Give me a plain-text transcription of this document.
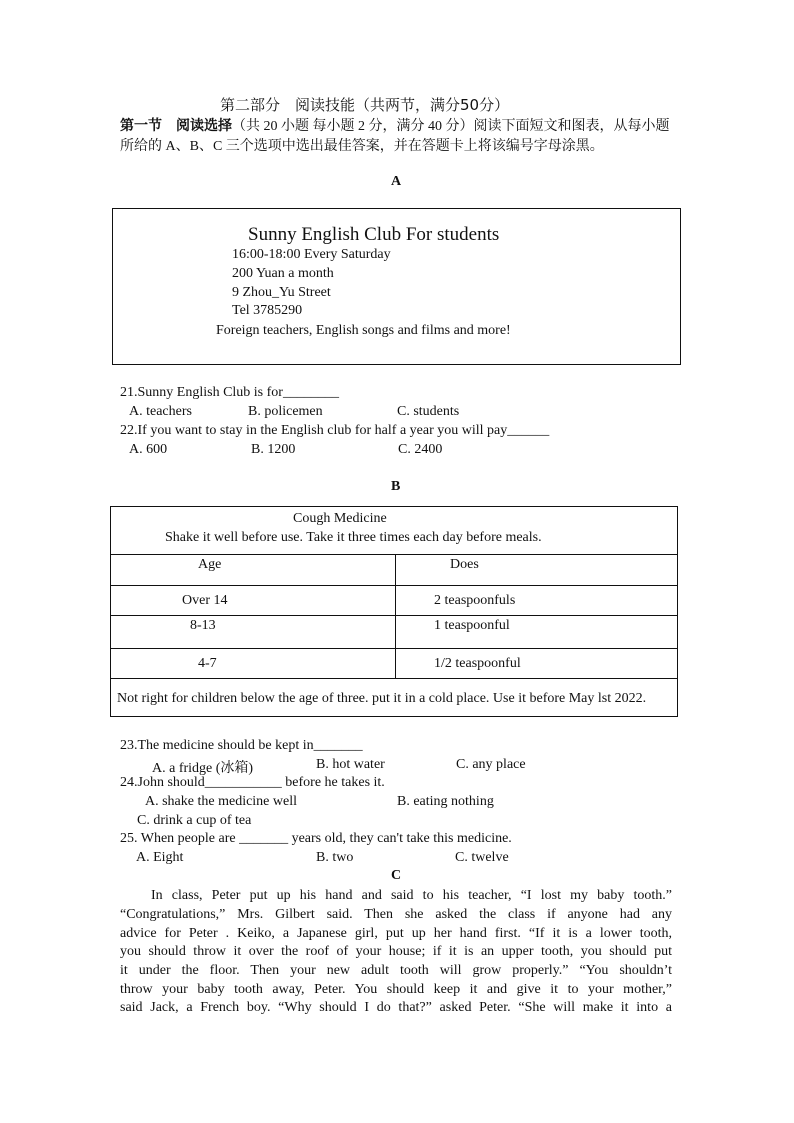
第二部分　阅读技能（共两节，满分50分）
第一节　阅读选择（共 20 小题 每小题 2 分，满分 40 分）阅读下面短文和图表，从每小题所给的 A、B、C 三个选项中选出最佳答案，并在答题卡上将该编号字母涂黑。
A
Sunny English Club For students
16:00-18:00 Every Saturday
200 Yuan a month
9 Zhou_Yu Street
Tel 3785290
Foreign teachers, English songs and films and more!
21.Sunny English Club is for________
A. teachers	B. policemen	C. students
22.If you want to stay in the English club for half a year you will pay______
A. 600	B. 1200	C. 2400
B
Cough Medicine
Shake it well before use. Take it three times each day before meals.	

Age	Does
Over 14	2 teaspoonfuls
8-13	1 teaspoonful
4-7	1/2 teaspoonful
Not right for children below the age of three. put it in a cold place. Use it before May lst 2022.	
23.The medicine should be kept in_______
A. a fridge (冰箱)	B. hot water	C. any place
24.John should___________ before he takes it.
A. shake the medicine well	B. eating nothing
C. drink a cup of tea
25. When people are _______ years old, they can't take this medicine.
A. Eight	B. two	C. twelve
C
In class, Peter put up his hand and said to his teacher, “I lost my baby tooth.”
“Congratulations,” Mrs. Gilbert said. Then she asked the class if anyone had any
advice for Peter . Keiko, a Japanese girl, put up her hand first. “If it is a lower tooth,
you should throw it over the roof of your house; if it is an upper tooth, you should put
it under the floor. Then your new adult tooth will grow properly.” “You shouldn’t
throw your baby tooth away, Peter. You should keep it and give it to your mother,”
said Jack, a French boy. “Why should I do that?” asked Peter. “She will make it into a
